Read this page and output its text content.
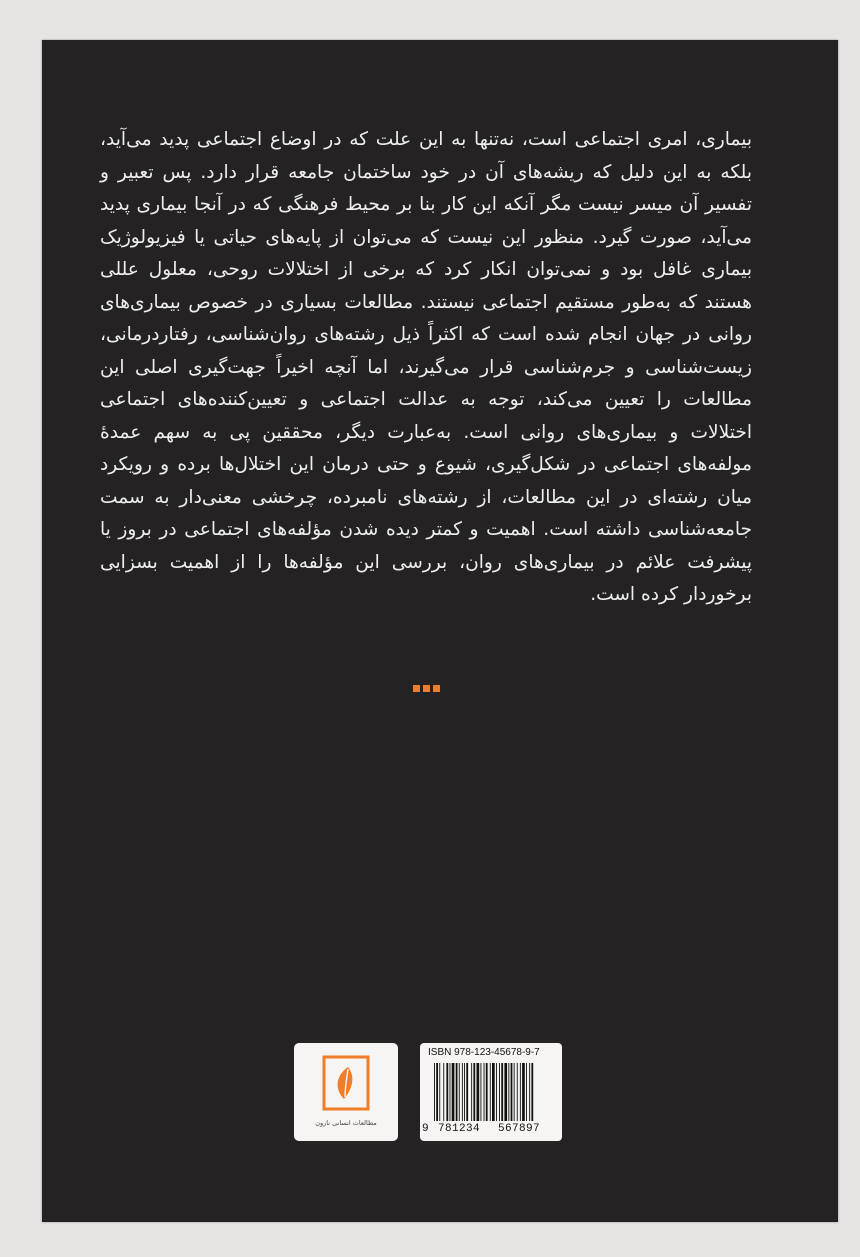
بیماری، امری اجتماعی است، نه‌تنها به این علت که در اوضاع اجتماعی پدید می‌آید، بلکه به این دلیل که ریشه‌های آن در خود ساختمان جامعه قرار دارد. پس تعبیر و تفسیر آن میسر نیست مگر آنکه این کار بنا بر محیط فرهنگی که در آنجا بیماری پدید می‌آید، صورت گیرد. منظور این نیست که می‌توان از پایه‌های حیاتی یا فیزیولوژیک بیماری غافل بود و نمی‌توان انکار کرد که برخی از اختلالات روحی، معلول عللی هستند که به‌طور مستقیم اجتماعی نیستند. مطالعات بسیاری در خصوص بیماری‌های روانی در جهان انجام شده است که اکثراً ذیل رشته‌های روان‌شناسی، رفتاردرمانی، زیست‌شناسی و جرم‌شناسی قرار می‌گیرند، اما آنچه اخیراً جهت‌گیری اصلی این مطالعات را تعیین می‌کند، توجه به عدالت اجتماعی و تعیین‌کننده‌های اجتماعی اختلالات و بیماری‌های روانی است. به‌عبارت دیگر، محققین پی به سهم عمدهٔ مولفه‌های اجتماعی در شکل‌گیری، شیوع و حتی درمان این اختلال‌ها برده و رویکرد میان رشته‌ای در این مطالعات، از رشته‌های نامبرده، چرخشی معنی‌دار به سمت جامعه‌شناسی داشته است. اهمیت و کمتر دیده شدن مؤلفه‌های اجتماعی در بروز یا پیشرفت علائم در بیماری‌های روان، بررسی این مؤلفه‌ها را از اهمیت بسزایی برخوردار کرده است.

مطالعات انسانی نارون
ISBN 978-123-45678-9-7
9 781234 567897
